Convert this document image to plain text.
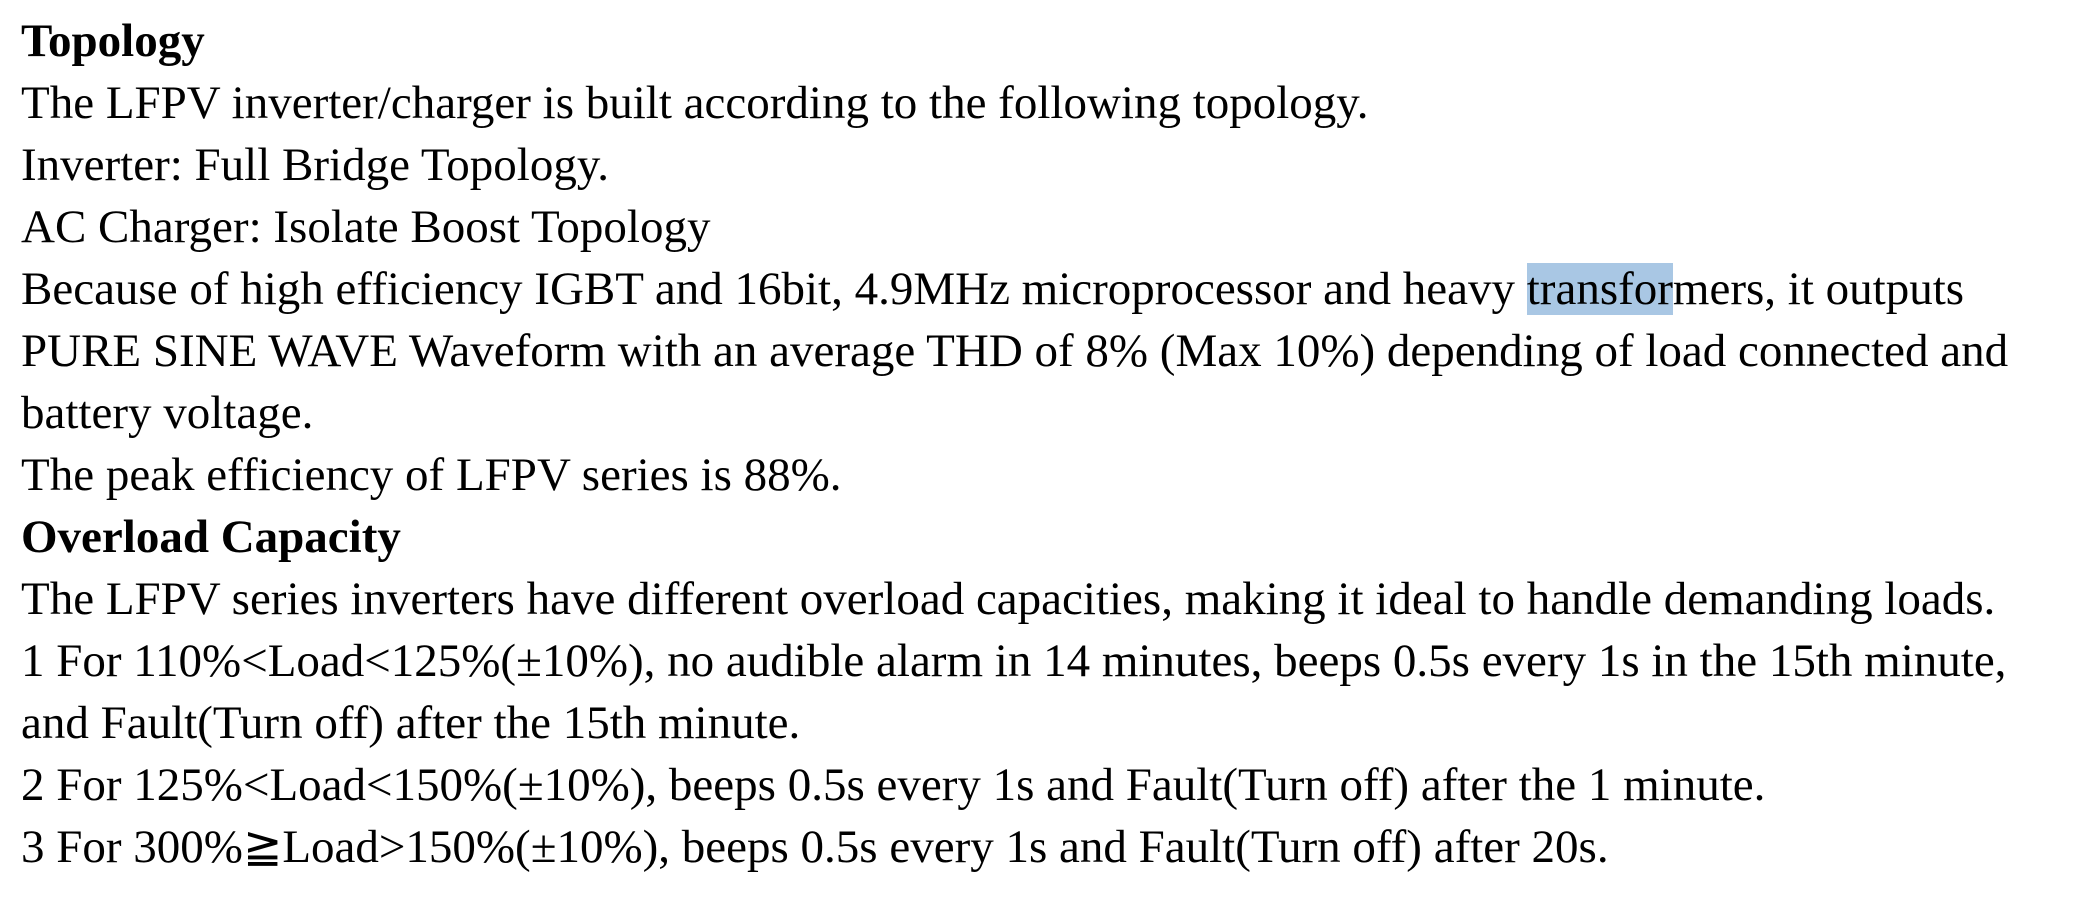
Topology
The LFPV inverter/charger is built according to the following topology.
Inverter: Full Bridge Topology.
AC Charger: Isolate Boost Topology
Because of high efficiency IGBT and 16bit, 4.9MHz microprocessor and heavy transformers, it outputs
PURE SINE WAVE Waveform with an average THD of 8% (Max 10%) depending of load connected and
battery voltage.
The peak efficiency of LFPV series is 88%.
Overload Capacity
The LFPV series inverters have different overload capacities, making it ideal to handle demanding loads.
1 For 110%<Load<125%(±10%), no audible alarm in 14 minutes, beeps 0.5s every 1s in the 15th minute,
and Fault(Turn off) after the 15th minute.
2 For 125%<Load<150%(±10%), beeps 0.5s every 1s and Fault(Turn off) after the 1 minute.
3 For 300%≧Load>150%(±10%), beeps 0.5s every 1s and Fault(Turn off) after 20s.
